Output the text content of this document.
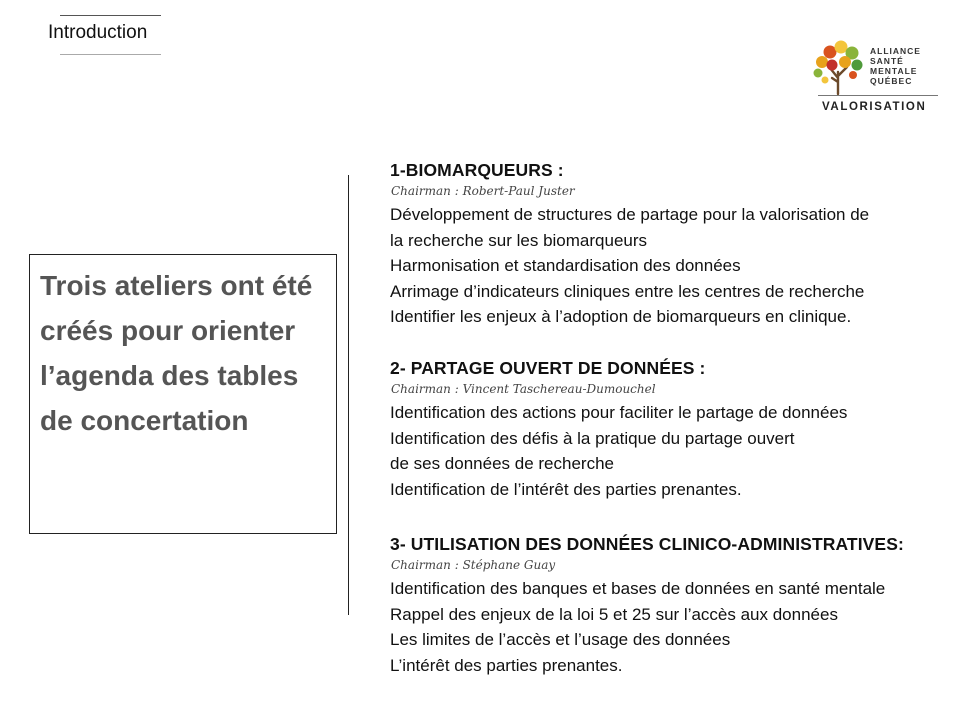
Introduction
ALLIANCE
SANTÉ
MENTALE
QUÉBEC
VALORISATION
Trois ateliers ont été créés pour orienter l’agenda des tables de concertation
1-BIOMARQUEURS :
Chairman : Robert-Paul Juster
Développement de structures de partage pour la valorisation de
la recherche sur les biomarqueurs
Harmonisation et standardisation des données
Arrimage d’indicateurs cliniques entre les centres de recherche
Identifier les enjeux à l’adoption de biomarqueurs en clinique.
2- PARTAGE OUVERT DE DONNÉES :
Chairman : Vincent Taschereau-Dumouchel
Identification des actions pour faciliter le partage de données
Identification des défis à la pratique du partage ouvert
de ses données de recherche
Identification de l’intérêt des parties prenantes.
3- UTILISATION DES DONNÉES CLINICO-ADMINISTRATIVES:
Chairman : Stéphane Guay
Identification des banques et bases de données en santé mentale
Rappel des enjeux de la loi 5 et 25 sur l’accès aux données
Les limites de l’accès et l’usage des données
L’intérêt des parties prenantes.
